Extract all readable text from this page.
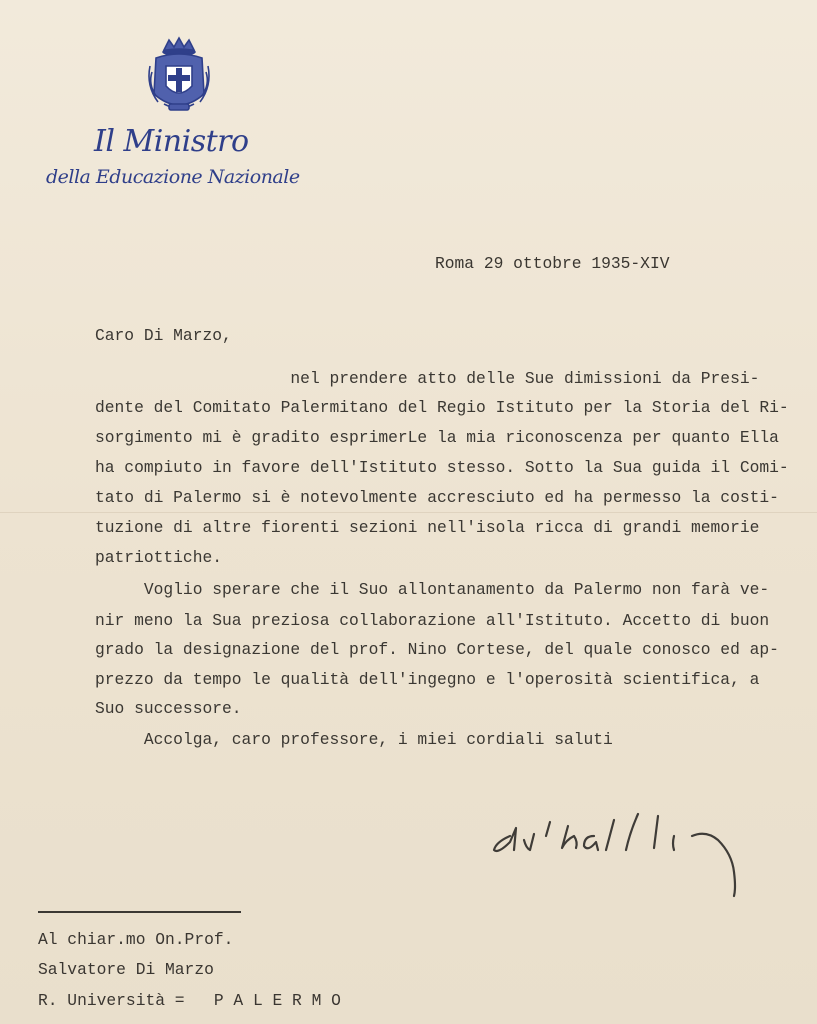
Il Ministro
della Educazione Nazionale
Roma 29 ottobre 1935-XIV
Caro Di Marzo,
nel prendere atto delle Sue dimissioni da Presi-
dente del Comitato Palermitano del Regio Istituto per la Storia del Ri-
sorgimento mi è gradito esprimerLe la mia riconoscenza per quanto Ella
ha compiuto in favore dell'Istituto stesso. Sotto la Sua guida il Comi-
tato di Palermo si è notevolmente accresciuto ed ha permesso la costi-
tuzione di altre fiorenti sezioni nell'isola ricca di grandi memorie
patriottiche.
Voglio sperare che il Suo allontanamento da Palermo non farà ve-
nir meno la Sua preziosa collaborazione all'Istituto. Accetto di buon
grado la designazione del prof. Nino Cortese, del quale conosco ed ap-
prezzo da tempo le qualità dell'ingegno e l'operosità scientifica, a
Suo successore.
Accolga, caro professore, i miei cordiali saluti
Al chiar.mo On.Prof.
Salvatore Di Marzo
R. Università =   P A L E R M O
